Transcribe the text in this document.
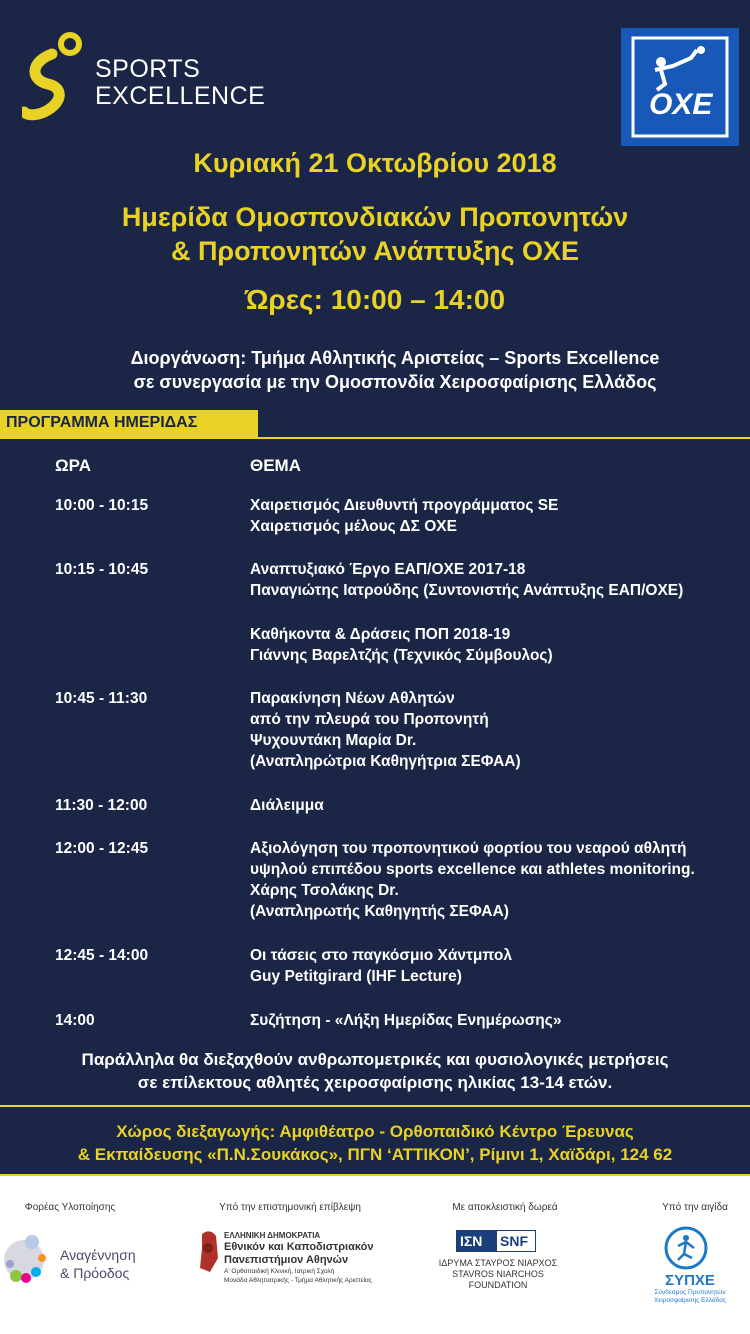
SPORTS
EXCELLENCE	ΟΧΕ
Κυριακή 21 Οκτωβρίου 2018
Ημερίδα Ομοσπονδιακών Προπονητών
& Προπονητών Ανάπτυξης ΟΧΕ
Ώρες: 10:00 – 14:00
Διοργάνωση: Τμήμα Αθλητικής Αριστείας – Sports Excellence
σε συνεργασία με την Ομοσπονδία Χειροσφαίρισης Ελλάδος
ΠΡΟΓΡΑΜΜΑ ΗΜΕΡΙΔΑΣ
ΩΡΑ	ΘΕΜΑ
10:00 - 10:15	Χαιρετισμός Διευθυντή προγράμματος SE
Χαιρετισμός μέλους ΔΣ ΟΧΕ
10:15 - 10:45	Αναπτυξιακό Έργο ΕΑΠ/ΟΧΕ 2017-18
Παναγιώτης Ιατρούδης (Συντονιστής Ανάπτυξης ΕΑΠ/ΟΧΕ)
Καθήκοντα & Δράσεις ΠΟΠ 2018-19
Γιάννης Βαρελτζής (Τεχνικός Σύμβουλος)
10:45 - 11:30	Παρακίνηση Νέων Αθλητών
από την πλευρά του Προπονητή
Ψυχουντάκη Μαρία Dr.
(Αναπληρώτρια Καθηγήτρια ΣΕΦΑΑ)
11:30 - 12:00	Διάλειμμα
12:00 - 12:45	Αξιολόγηση του προπονητικού φορτίου του νεαρού αθλητή
υψηλού επιπέδου sports excellence και athletes monitoring.
Χάρης Τσολάκης Dr.
(Αναπληρωτής Καθηγητής ΣΕΦΑΑ)
12:45 - 14:00	Οι τάσεις στο παγκόσμιο Χάντμπολ
Guy Petitgirard (IHF Lecture)
14:00	Συζήτηση - «Λήξη Ημερίδας Ενημέρωσης»
Παράλληλα θα διεξαχθούν ανθρωπομετρικές και φυσιολογικές μετρήσεις
σε επίλεκτους αθλητές χειροσφαίρισης ηλικίας 13-14 ετών.
Χώρος διεξαγωγής: Αμφιθέατρο - Ορθοπαιδικό Κέντρο Έρευνας
& Εκπαίδευσης «Π.Ν.Σουκάκος», ΠΓΝ ‘ΑΤΤΙΚΟΝ’, Ρίμινι 1, Χαϊδάρι, 124 62
Φορέας Υλοποίησης
Αναγέννηση
& Πρόοδος
Υπό την επιστημονική επίβλεψη
ΕΛΛΗΝΙΚΗ ΔΗΜΟΚΡΑΤΙΑ
Εθνικόν και Καποδιστριακόν
Πανεπιστήμιον Αθηνών
Α' Ορθοπαιδική Κλινική, Ιατρική Σχολή
Μονάδα Αθλητιατρικής - Τμήμα Αθλητικής Αριστείας
Με αποκλειστική δωρεά
ΙΣΝ SNF
ΙΔΡΥΜΑ ΣΤΑΥΡΟΣ ΝΙΑΡΧΟΣ
STAVROS NIARCHOS
FOUNDATION
Υπό την αιγίδα
ΣΥΠΧΕ
Σύνδεσμος Προπονητών
Χειροσφαίρισης Ελλάδος
